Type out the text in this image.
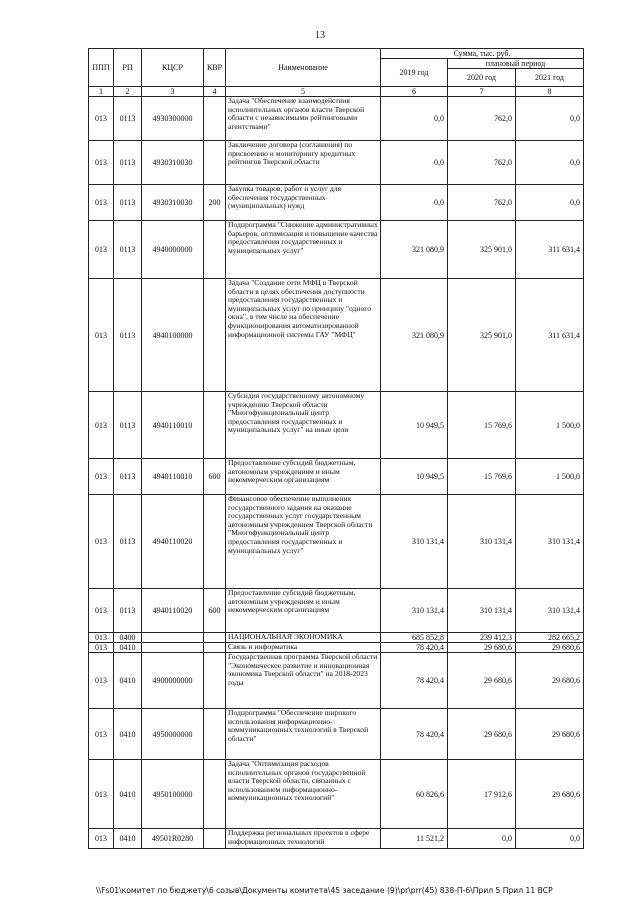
13
ППП	РП	КЦСР	КВР	Наименование	Сумма, тыс. руб.		
					2019 год	плановый период	
						2020 год	2021 год
1	2	3	4	5	6	7	8
013	0113	4930300000		Задача "Обеспечение взаимодействия исполнительных органов власти Тверской области с независимыми рейтинговыми агентствами"	0,0	762,0	0,0
013	0113	4930310030		Заключение договора (соглашения) по присвоению и мониторингу кредитных рейтингов Тверской области	0,0	762,0	0,0
013	0113	4930310030	200	Закупка товаров, работ и услуг для обеспечения государственных (муниципальных) нужд	0,0	762,0	0,0
013	0113	4940000000		Подпрограмма "Снижение административных барьеров, оптимизация и повышение качества предоставления государственных и муниципальных услуг"	321 080,9	325 901,0	311 631,4
013	0113	4940100000		Задача "Создание сети МФЦ в Тверской области в целях обеспечения доступности предоставления государственных и муниципальных услуг по принципу "одного окна", в том числе на обеспечение функционирования автоматизированной информационной системы ГАУ "МФЦ"	321 080,9	325 901,0	311 631,4
013	0113	4940110010		Субсидия государственному автономному учреждению Тверской области "Многофункциональный центр предоставления государственных и муниципальных услуг" на иные цели	10 949,5	15 769,6	1 500,0
013	0113	4940110010	600	Предоставление субсидий бюджетным, автономным учреждениям и иным некоммерческим организациям	10 949,5	15 769,6	1 500,0
013	0113	4940110020		Финансовое обеспечение выполнения государственного задания на оказание государственных услуг государственным автономным учреждением Тверской области "Многофункциональный центр предоставления государственных и муниципальных услуг"	310 131,4	310 131,4	310 131,4
013	0113	4940110020	600	Предоставление субсидий бюджетным, автономным учреждениям и иным некоммерческим организациям	310 131,4	310 131,4	310 131,4
013	0400			НАЦИОНАЛЬНАЯ ЭКОНОМИКА	685 852,8	239 412,3	282 665,2
013	0410			Связь и информатика	78 420,4	29 680,6	29 680,6
013	0410	4900000000		Государственная программа Тверской области "Экономическое развитие и инновационная экономика Тверской области" на 2018-2023 годы	78 420,4	29 680,6	29 680,6
013	0410	4950000000		Подпрограмма "Обеспечение широкого использования информационно-коммуникационных технологий в Тверской области"	78 420,4	29 680,6	29 680,6
013	0410	4950100000		Задача "Оптимизация расходов исполнительных органов государственной власти Тверской области, связанных с использованием информационно-коммуникационных технологий"	60 826,6	17 912,6	29 680,6
013	0410	49501R0280		Поддержка региональных проектов в сфере информационных технологий	11 521,2	0,0	0,0
\\Fs01\комитет по бюджету\6 созыв\Документы комитета\45 заседание (9)\pr\prr(45) 838-П-6\Прил 5 Прил 11 ВСР
